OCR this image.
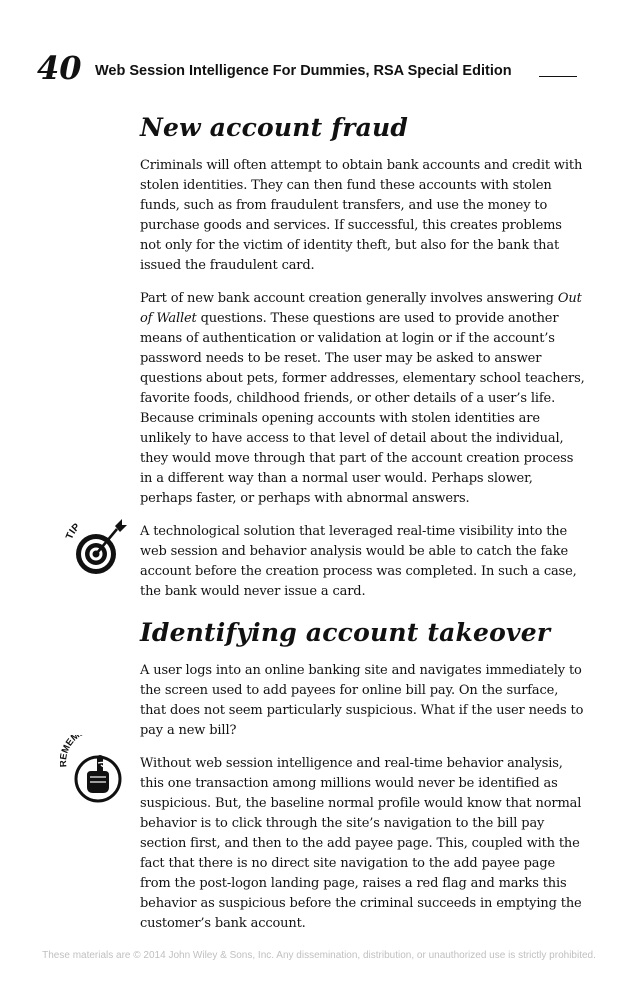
40 Web Session Intelligence For Dummies, RSA Special Edition
TIP
MEM
New account fraud

Criminals will often attempt to obtain bank accounts and credit with stolen identities. They can then fund these accounts with stolen funds, such as from fraudulent transfers, and use the money to purchase goods and services. If successful, this creates problems not only for the victim of identity theft, but also for the bank that issued the fraudulent card.

Part of new bank account creation generally involves answering Out of Wallet questions. These questions are used to provide another means of authentication or validation at login or if the account’s password needs to be reset. The user may be asked to answer questions about pets, former addresses, elementary school teachers, favorite foods, childhood friends, or other details of a user’s life. Because criminals opening accounts with stolen identities are unlikely to have access to that level of detail about the individual, they would move through that part of the account creation process in a different way than a normal user would. Perhaps slower, perhaps faster, or perhaps with abnormal answers.

A technological solution that leveraged real-time visibility into the web session and behavior analysis would be able to catch the fake account before the creation process was completed. In such a case, the bank would never issue a card.

Identifying account takeover

A user logs into an online banking site and navigates immediately to the screen used to add payees for online bill pay. On the surface, that does not seem particularly suspicious. What if the user needs to pay a new bill?

Without web session intelligence and real-time behavior analysis, this one transaction among millions would never be identified as suspicious. But, the baseline normal profile would know that normal behavior is to click through the site’s navigation to the bill pay section first, and then to the add payee page. This, coupled with the fact that there is no direct site navigation to the add payee page from the post-logon landing page, raises a red flag and marks this behavior as suspicious before the criminal succeeds in emptying the customer’s bank account.

These materials are © 2014 John Wiley & Sons, Inc. Any dissemination, distribution, or unauthorized use is strictly prohibited.
